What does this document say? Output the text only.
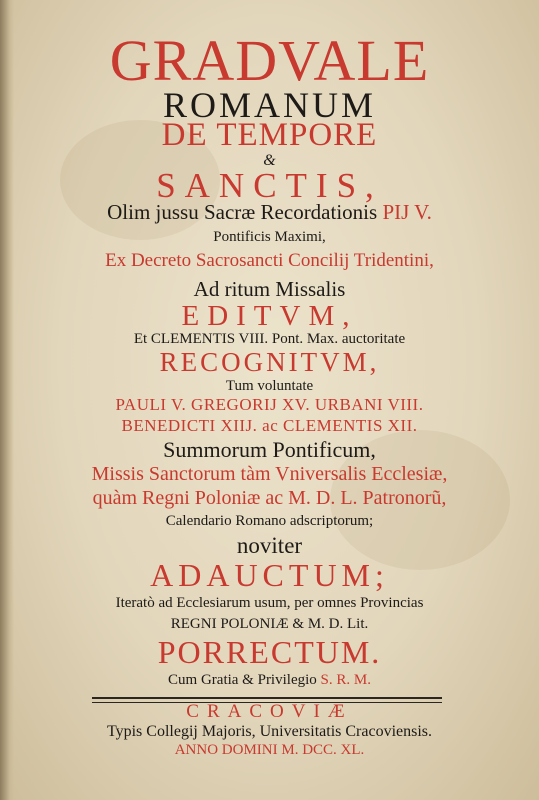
GRADVALE
ROMANUM
DE TEMPORE
&
SANCTIS,
Olim jussu Sacræ Recordationis PIJ V.
Pontificis Maximi,
Ex Decreto Sacrosancti Concilij Tridentini,
Ad ritum Missalis
EDITVM,
Et CLEMENTIS VIII. Pont. Max. auctoritate
RECOGNITVM,
Tum voluntate
PAULI V. GREGORIJ XV. URBANI VIII.
BENEDICTI XIIJ. ac CLEMENTIS XII.
Summorum Pontificum,
Missis Sanctorum tàm Vniversalis Ecclesiæ,
quàm Regni Poloniæ ac M. D. L. Patronorũ,
Calendario Romano adscriptorum;
noviter
ADAUCTUM;
Iteratò ad Ecclesiarum usum, per omnes Provincias
REGNI POLONIÆ & M. D. Lit.
PORRECTUM.
Cum Gratia & Privilegio S. R. M.
CRACOVIÆ
Typis Collegij Majoris, Universitatis Cracoviensis.
ANNO DOMINI M. DCC. XL.
